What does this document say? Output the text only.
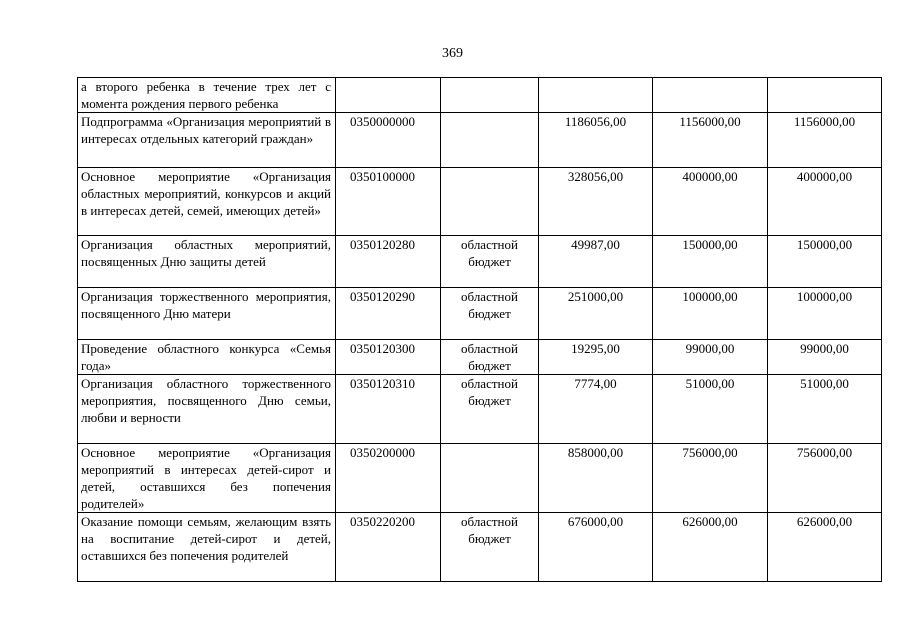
369
а второго ребенка в течение трех лет с момента рождения первого ребенка					
Подпрограмма «Организация мероприятий в интересах отдельных категорий граждан»	0350000000		1186056,00	1156000,00	1156000,00
Основное мероприятие «Организация областных мероприятий, конкурсов и акций в интересах детей, семей, имеющих детей»	0350100000		328056,00	400000,00	400000,00
Организация областных мероприятий, посвященных Дню защиты детей	0350120280	областной бюджет	49987,00	150000,00	150000,00
Организация торжественного мероприятия, посвященного Дню матери	0350120290	областной бюджет	251000,00	100000,00	100000,00
Проведение областного конкурса «Семья года»	0350120300	областной бюджет	19295,00	99000,00	99000,00
Организация областного торжественного мероприятия, посвященного Дню семьи, любви и верности	0350120310	областной бюджет	7774,00	51000,00	51000,00
Основное мероприятие «Организация мероприятий в интересах детей-сирот и детей, оставшихся без попечения родителей»	0350200000		858000,00	756000,00	756000,00
Оказание помощи семьям, желающим взять на воспитание детей-сирот и детей, оставшихся без попечения родителей	0350220200	областной бюджет	676000,00	626000,00	626000,00
